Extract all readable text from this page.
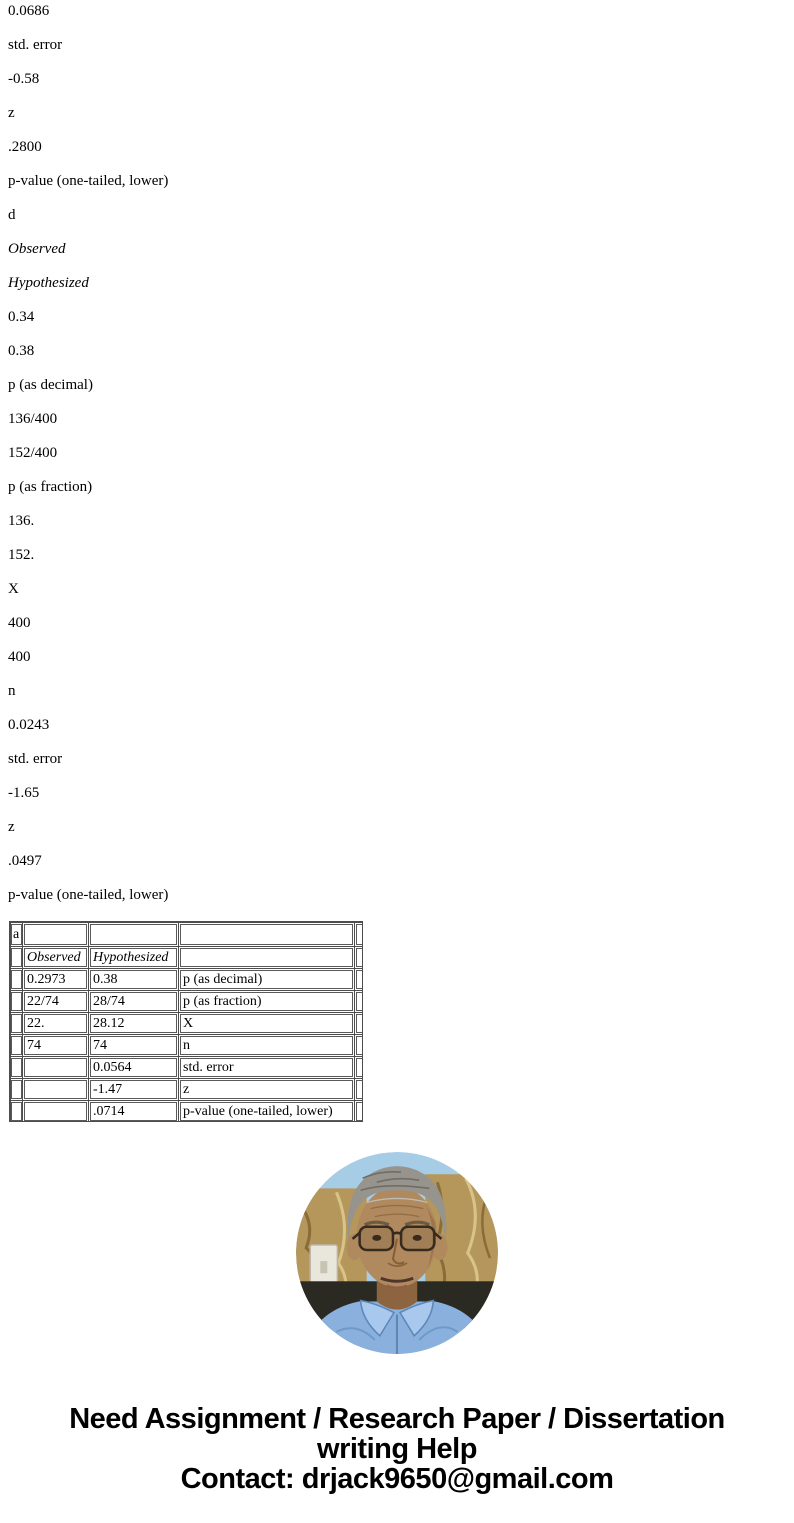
0.0686

std. error

-0.58

z

.2800

p-value (one-tailed, lower)

d

Observed

Hypothesized

0.34

0.38

p (as decimal)

136/400

152/400

p (as fraction)

136.

152.

X

400

400

n

0.0243

std. error

-1.65

z

.0497

p-value (one-tailed, lower)

a				

	Observed	Hypothesized		

	0.2973	0.38	p (as decimal)	

	22/74	28/74	p (as fraction)	

	22.	28.12	X	

	74	74	n	

		0.0564	std. error	

		-1.47	z	

		.0714	p-value (one-tailed, lower)	

Need Assignment / Research Paper / Dissertation
writing Help
Contact: drjack9650@gmail.com
